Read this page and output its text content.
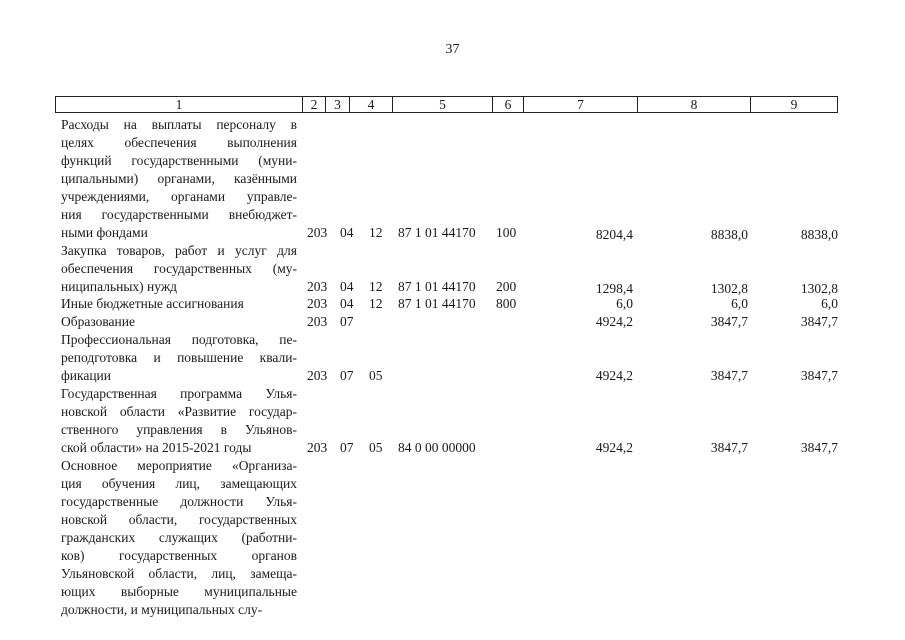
37
1	2	3	4	5	6	7	8	9
Расходы на выплаты персоналу в
целях обеспечения выполнения
функций государственными (муни-
ципальными) органами, казёнными
учреждениями, органами управле-
ния государственными внебюджет-
ными фондами	203 04 12 87 1 01 44170 100	8204,4	8838,0	8838,0
Закупка товаров, работ и услуг для
обеспечения государственных (му-
ниципальных) нужд	203 04 12 87 1 01 44170 200	1298,4	1302,8	1302,8
Иные бюджетные ассигнования	203 04 12 87 1 01 44170 800	6,0	6,0	6,0
Образование	203 07	4924,2	3847,7	3847,7
Профессиональная подготовка, пе-
реподготовка и повышение квали-
фикации	203 07 05	4924,2	3847,7	3847,7
Государственная программа Улья-
новской области «Развитие государ-
ственного управления в Ульянов-
ской области» на 2015-2021 годы	203 07 05 84 0 00 00000	4924,2	3847,7	3847,7
Основное мероприятие «Организа-
ция обучения лиц, замещающих
государственные должности Улья-
новской области, государственных
гражданских служащих (работни-
ков) государственных органов
Ульяновской области, лиц, замеща-
ющих выборные муниципальные
должности, и муниципальных слу-
